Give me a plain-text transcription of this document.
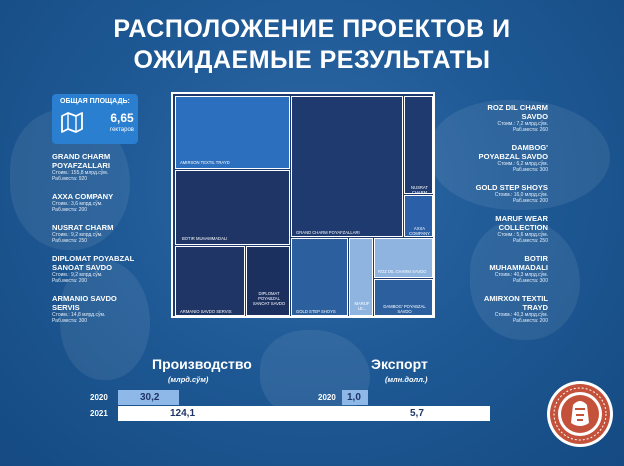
РАСПОЛОЖЕНИЕ ПРОЕКТОВ И
ОЖИДАЕМЫЕ РЕЗУЛЬТАТЫ
ОБЩАЯ ПЛОЩАДЬ:
6,65
гектаров
GRAND CHARM
POYAFZALLARI
Стоим.: 155,8 млрд.сўм.
Раб.места: 920
AXXA COMPANY
Стоим.: 3,6 млрд.сўм.
Раб.места: 200
NUSRAT CHARM
Стоим.: 9,2 млрд.сўм.
Раб.места: 250
DIPLOMAT POYABZAL
SANOAT SAVDO
Стоим.: 9,2 млрд.сўм.
Раб.места: 200
ARMANIO SAVDO
SERVIS
Стоим.: 14,8 млрд.сўм.
Раб.места: 300
ROZ DIL CHARM
SAVDO
Стоим.: 7,2 млрд.сўм.
Раб.места: 260
DAMBOG'
POYABZAL SAVDO
Стоим.: 6,2 млрд.сўм.
Раб.места: 300
GOLD STEP SHOYS
Стоим.: 16,0 млрд.сўм.
Раб.места: 200
MARUF WEAR
COLLECTION
Стоим.: 5,6 млрд.сўм.
Раб.места: 250
BOTIR
MUHAMMADALI
Стоим.: 40,3 млрд.сўм.
Раб.места: 300
AMIRXON TEXTIL
TRAYD
Стоим.: 40,3 млрд.сўм.
Раб.места: 200
AMIRXON TEXTIL TRAYD
BOTIR MUHAMMADALI
ARMANIO SAVDO SERVIS
DIPLOMAT POYABZAL SANOAT SAVDO
GRAND CHARM POYAFZALLARI
NUSRAT CHARM
AXXA COMPANY
GOLD STEP SHOYS
MARUF LE...
ROZ DIL CHARM SAVDO
DAMBOG' POYABZAL SAVDO
Производство
(млрд.сўм)
2020	30,2
2021	124,1
Экспорт
(млн.долл.)
2020 1,0
2021	5,7
